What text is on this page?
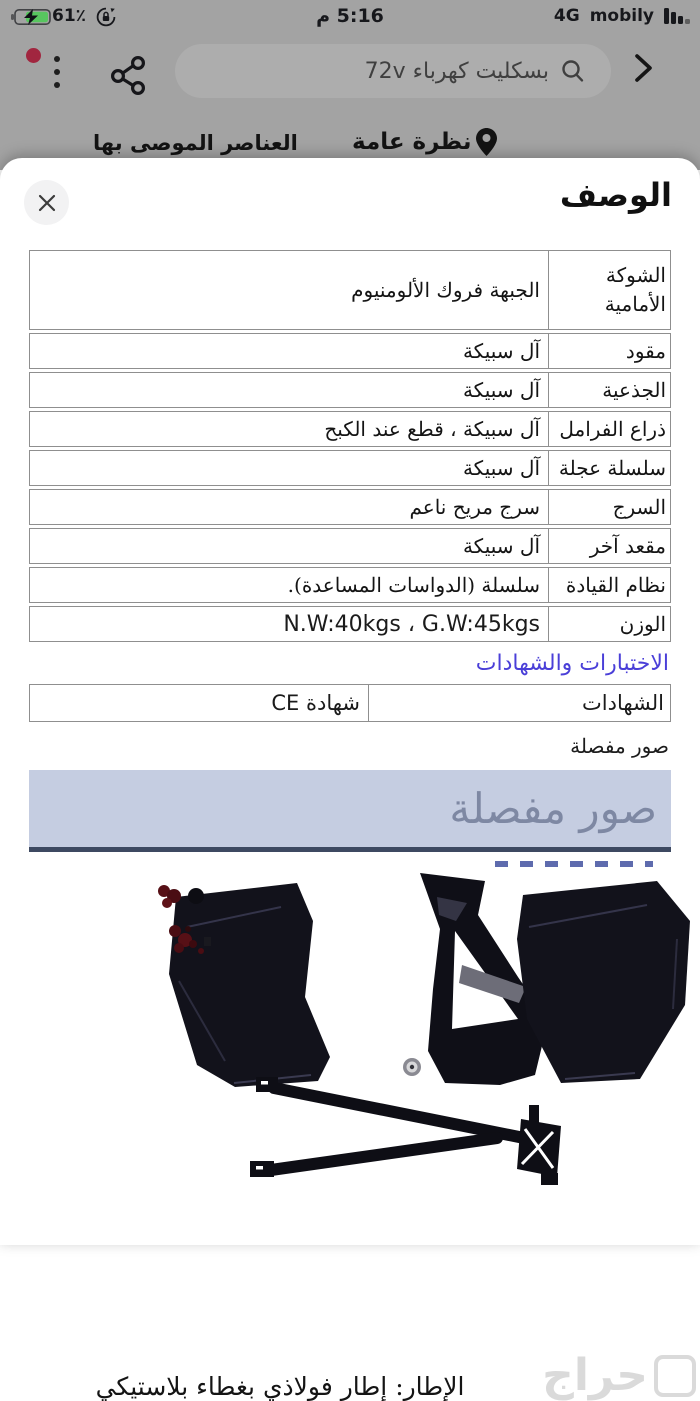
61٪	5:16 م	4G mobily
بسكليت كهرباء 72v
نظرة عامة
العناصر الموصى بها
الوصف
الشوكة الأمامية
الجبهة فروك الألومنيوم
مقود
آل سبيكة
الجذعية
آل سبيكة
ذراع الفرامل
آل سبيكة ، قطع عند الكبح
سلسلة عجلة
آل سبيكة
السرج
سرج مريح ناعم
مقعد آخر
آل سبيكة
نظام القيادة
سلسلة (الدواسات المساعدة).
الوزن
N.W:40kgs ، G.W:45kgs
الاختبارات والشهادات
الشهادات
شهادة CE
صور مفصلة
صور مفصلة
حراج
الإطار: إطار فولاذي بغطاء بلاستيكي
